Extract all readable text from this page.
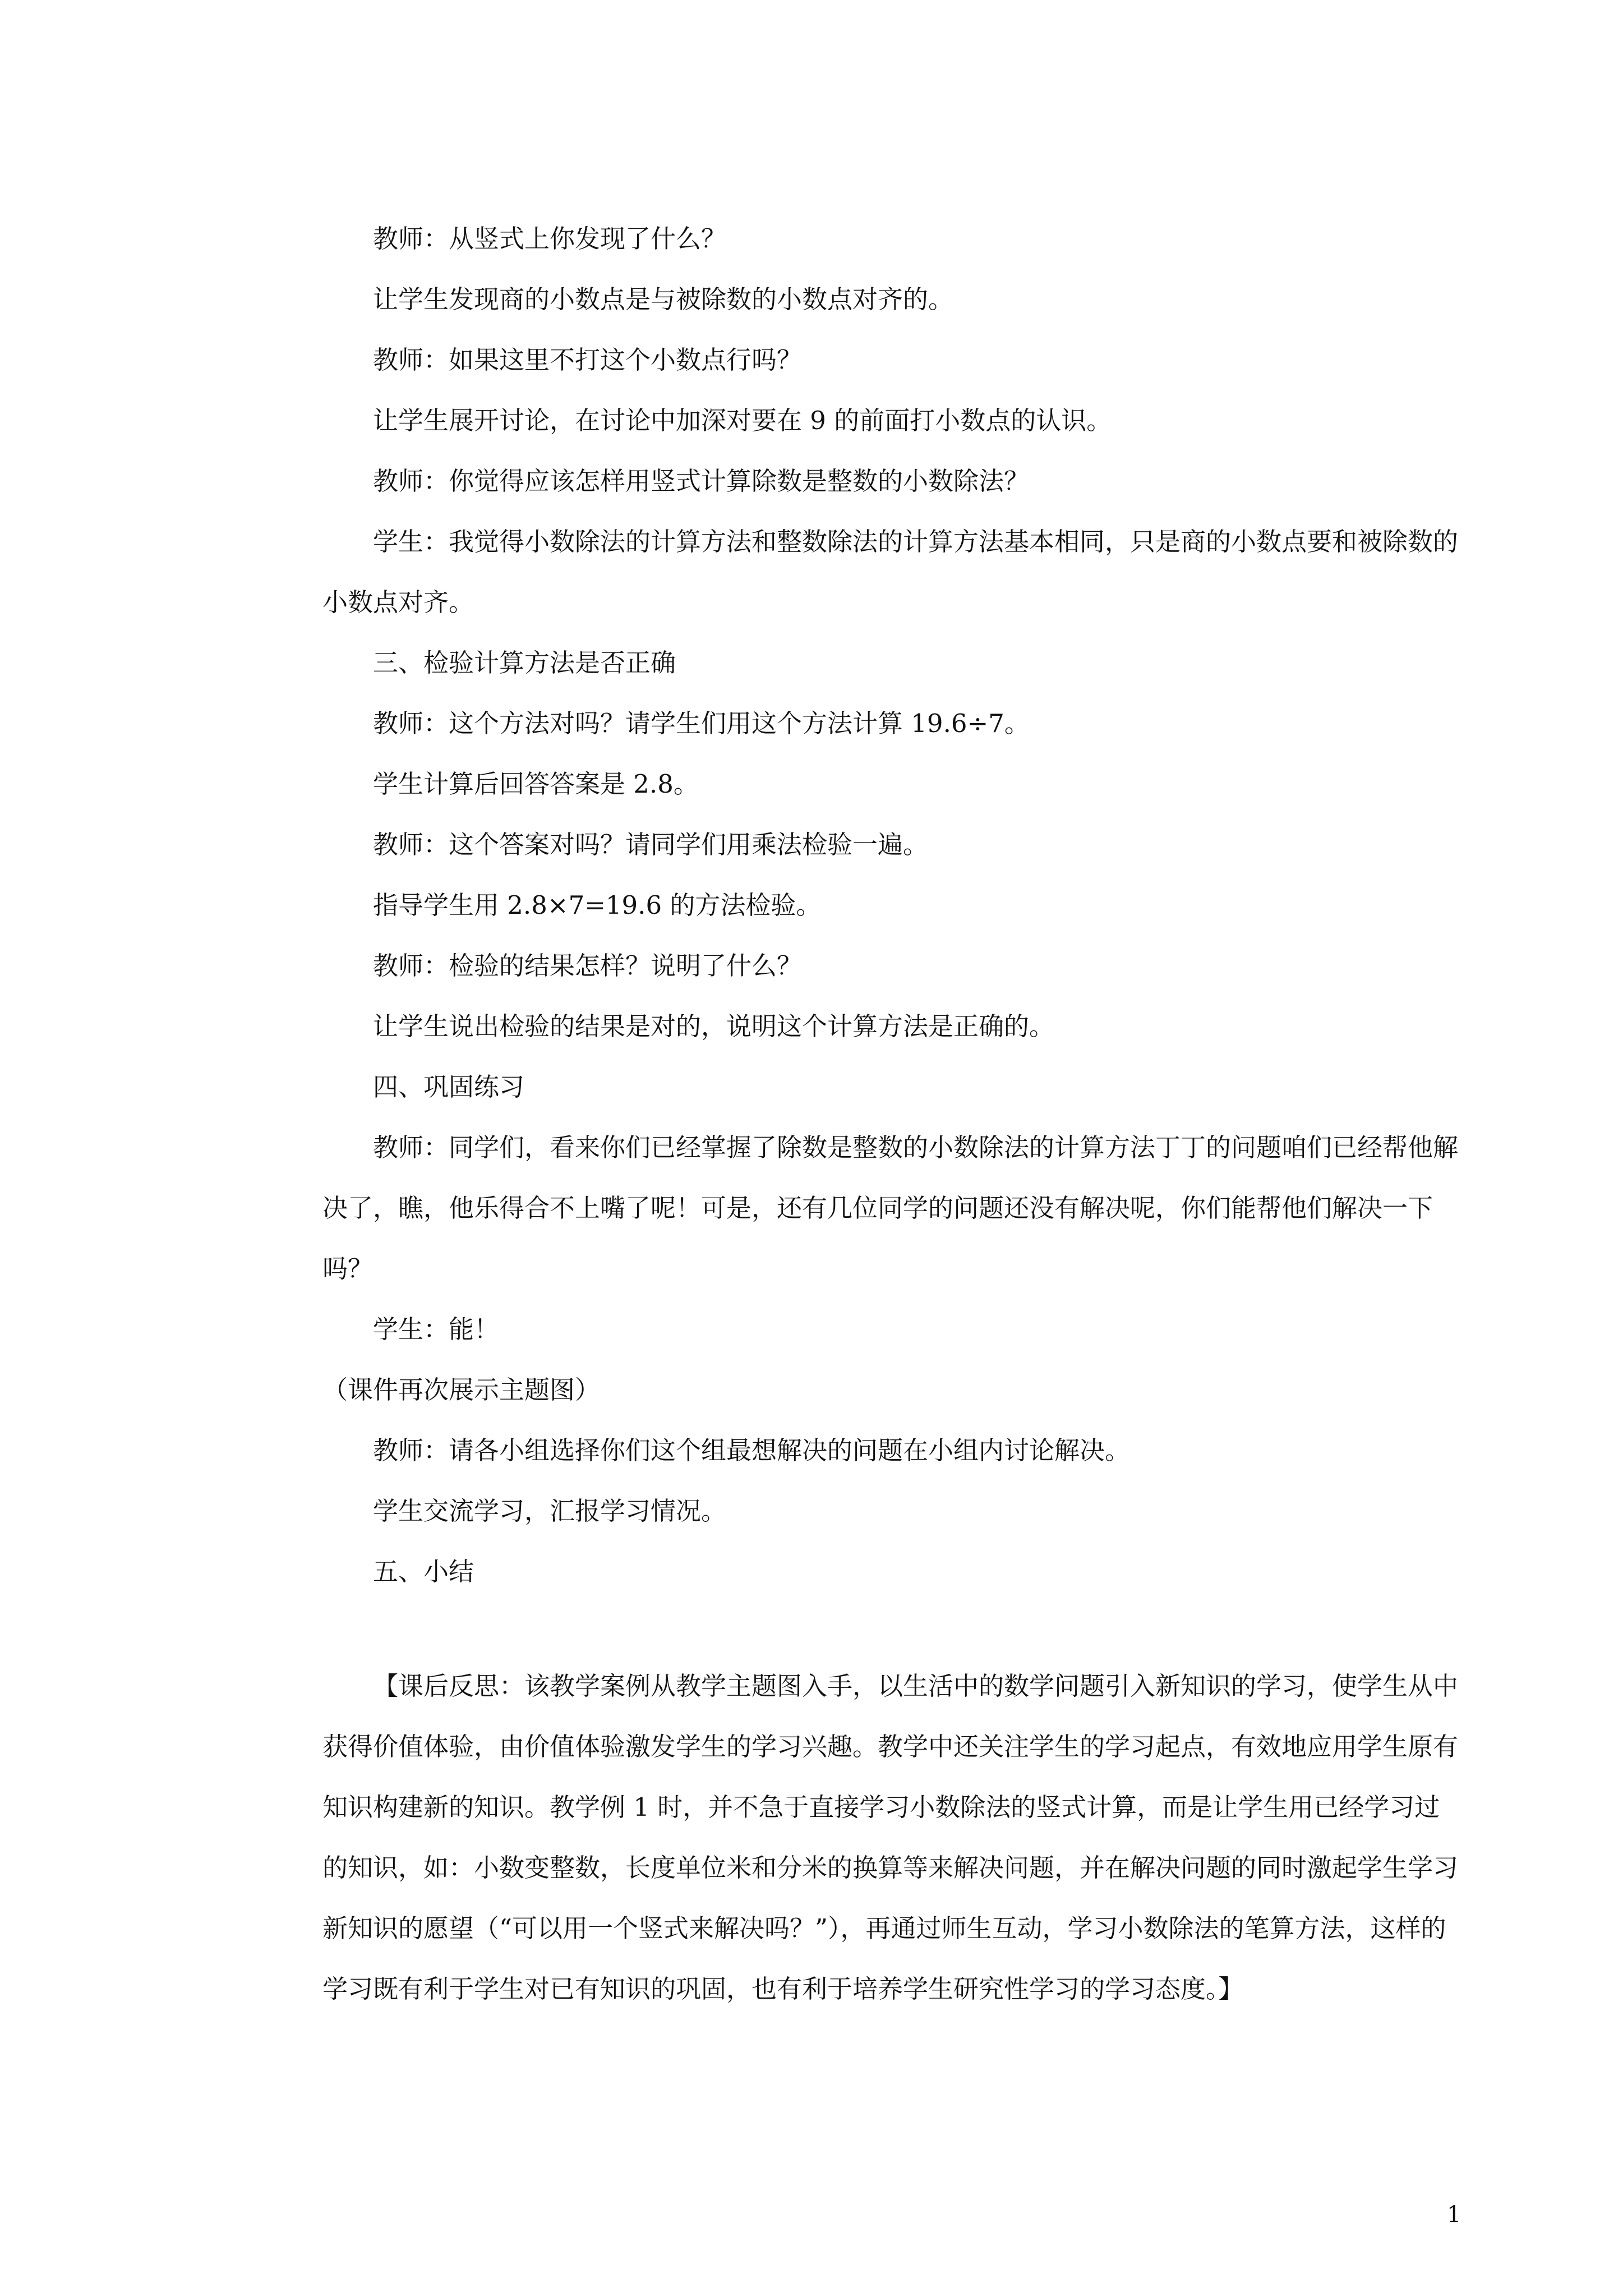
教师：从竖式上你发现了什么？

让学生发现商的小数点是与被除数的小数点对齐的。

教师：如果这里不打这个小数点行吗？

让学生展开讨论，在讨论中加深对要在 9 的前面打小数点的认识。

教师：你觉得应该怎样用竖式计算除数是整数的小数除法？

学生：我觉得小数除法的计算方法和整数除法的计算方法基本相同，只是商的小数点要和被除数的小数点对齐。

三、检验计算方法是否正确

教师：这个方法对吗？请学生们用这个方法计算 19.6÷7。

学生计算后回答答案是 2.8。

教师：这个答案对吗？请同学们用乘法检验一遍。

指导学生用 2.8×7=19.6 的方法检验。

教师：检验的结果怎样？说明了什么？

让学生说出检验的结果是对的，说明这个计算方法是正确的。

四、巩固练习

教师：同学们，看来你们已经掌握了除数是整数的小数除法的计算方法丁丁的问题咱们已经帮他解决了，瞧，他乐得合不上嘴了呢！可是，还有几位同学的问题还没有解决呢，你们能帮他们解决一下吗？

学生：能！

（课件再次展示主题图）

教师：请各小组选择你们这个组最想解决的问题在小组内讨论解决。

学生交流学习，汇报学习情况。

五、小结

【课后反思：该教学案例从教学主题图入手，以生活中的数学问题引入新知识的学习，使学生从中获得价值体验，由价值体验激发学生的学习兴趣。教学中还关注学生的学习起点，有效地应用学生原有知识构建新的知识。教学例 1 时，并不急于直接学习小数除法的竖式计算，而是让学生用已经学习过的知识，如：小数变整数，长度单位米和分米的换算等来解决问题，并在解决问题的同时激起学生学习新知识的愿望（“可以用一个竖式来解决吗？”），再通过师生互动，学习小数除法的笔算方法，这样的学习既有利于学生对已有知识的巩固，也有利于培养学生研究性学习的学习态度。】

1
